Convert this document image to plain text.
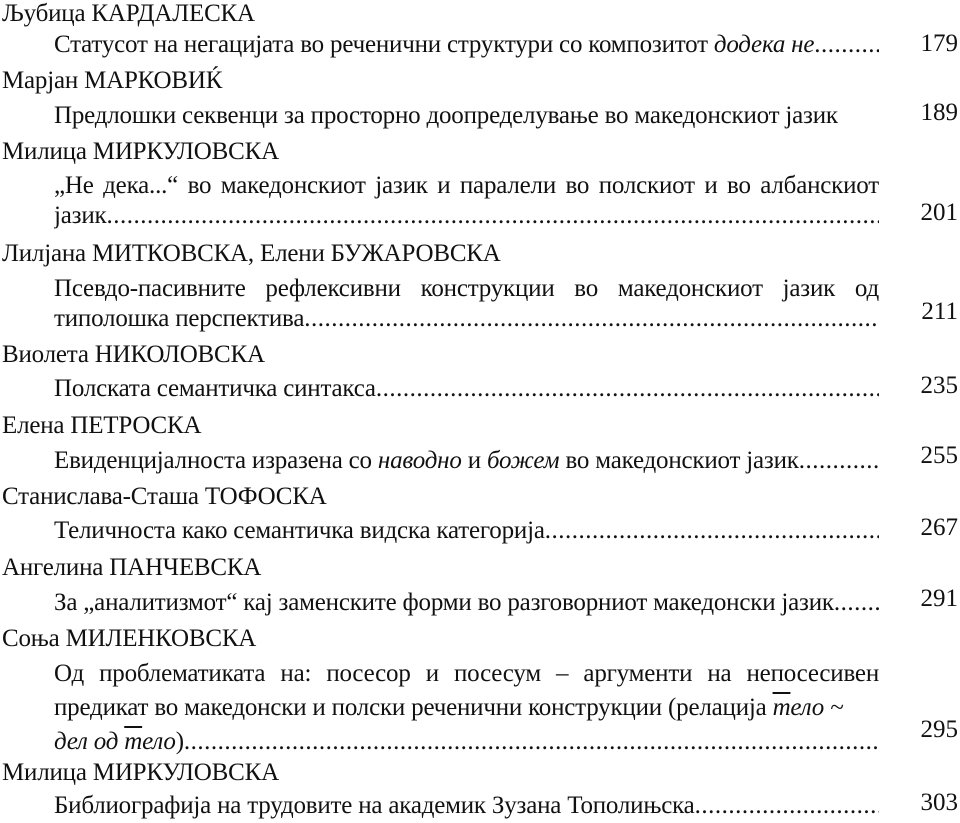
Љубица КАРДАЛЕСКА
Статусот на негацијата во реченични структури со композитот додека не .....	179
Марјан МАРКОВИЌ
Предлошки секвенци за просторно доопределување во македонскиот јазик	189
Милица МИРКУЛОВСКА
„Не дека...“ во македонскиот јазик и паралели во полскиот и во албанскиот
јазик .....	201
Лилјана МИТКОВСКА, Елени БУЖАРОВСКА
Псевдо-пасивните рефлексивни конструкции во македонскиот јазик од
типолошка перспектива .....	211
Виолета НИКОЛОВСКА
Полската семантичка синтакса .....	235
Елена ПЕТРОСКА
Евиденцијалноста изразена со наводно и божем во македонскиот јазик .....	255
Станислава-Сташа ТОФОСКА
Теличноста како семантичка видска категорија .....	267
Ангелина ПАНЧЕВСКА
За „аналитизмот“ кај заменските форми во разговорниот македонски јазик .....	291
Соња МИЛЕНКОВСКА
Од проблематиката на: посесор и посесум – аргументи на непосесивен
предикат во македонски и полски реченични конструкции (релација тело ~
дел од тело) .....	295
Милица МИРКУЛОВСКА
Библиографија на трудовите на академик Зузана Тополињска .....	303
